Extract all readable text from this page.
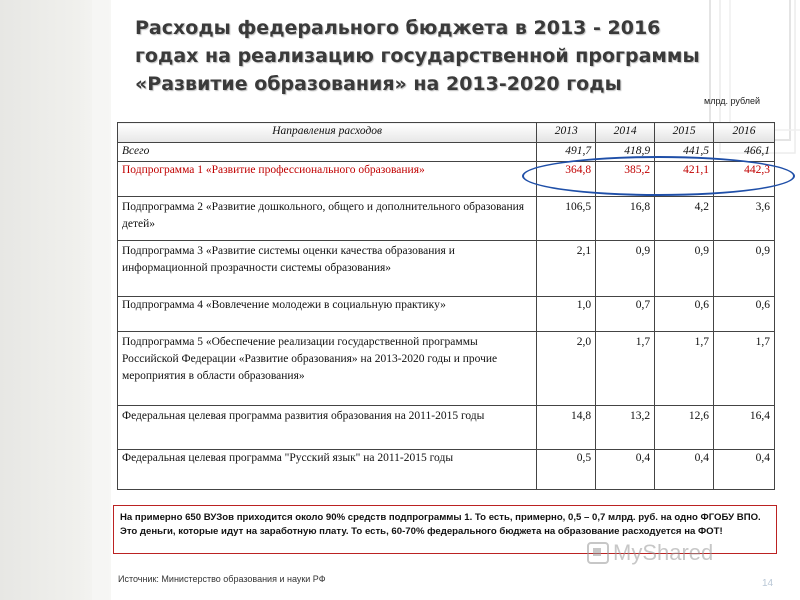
Расходы федерального бюджета в 2013 - 2016 годах на реализацию государственной программы «Развитие образования» на 2013-2020 годы
млрд. рублей
Направления расходов	2013	2014	2015	2016
Всего	491,7	418,9	441,5	466,1
Подпрограмма 1 «Развитие профессионального образования»	364,8	385,2	421,1	442,3
Подпрограмма 2 «Развитие дошкольного, общего и дополнительного образования детей»	106,5	16,8	4,2	3,6
Подпрограмма 3 «Развитие системы оценки качества образования и информационной прозрачности системы образования»	2,1	0,9	0,9	0,9
Подпрограмма 4 «Вовлечение молодежи в социальную практику»	1,0	0,7	0,6	0,6
Подпрограмма 5 «Обеспечение реализации государственной программы Российской Федерации «Развитие образования» на 2013-2020 годы и прочие мероприятия в области образования»	2,0	1,7	1,7	1,7
Федеральная целевая программа развития образования на 2011-2015 годы	14,8	13,2	12,6	16,4
Федеральная целевая программа "Русский язык" на 2011-2015 годы	0,5	0,4	0,4	0,4
На примерно 650 ВУЗов приходится около 90% средств подпрограммы 1. То есть, примерно, 0,5 – 0,7 млрд. руб. на одно ФГОБУ ВПО. Это деньги, которые идут на заработную плату. То есть, 60-70% федерального бюджета на образование расходуется на ФОТ!
MyShared
Источник: Министерство образования и науки РФ	14
